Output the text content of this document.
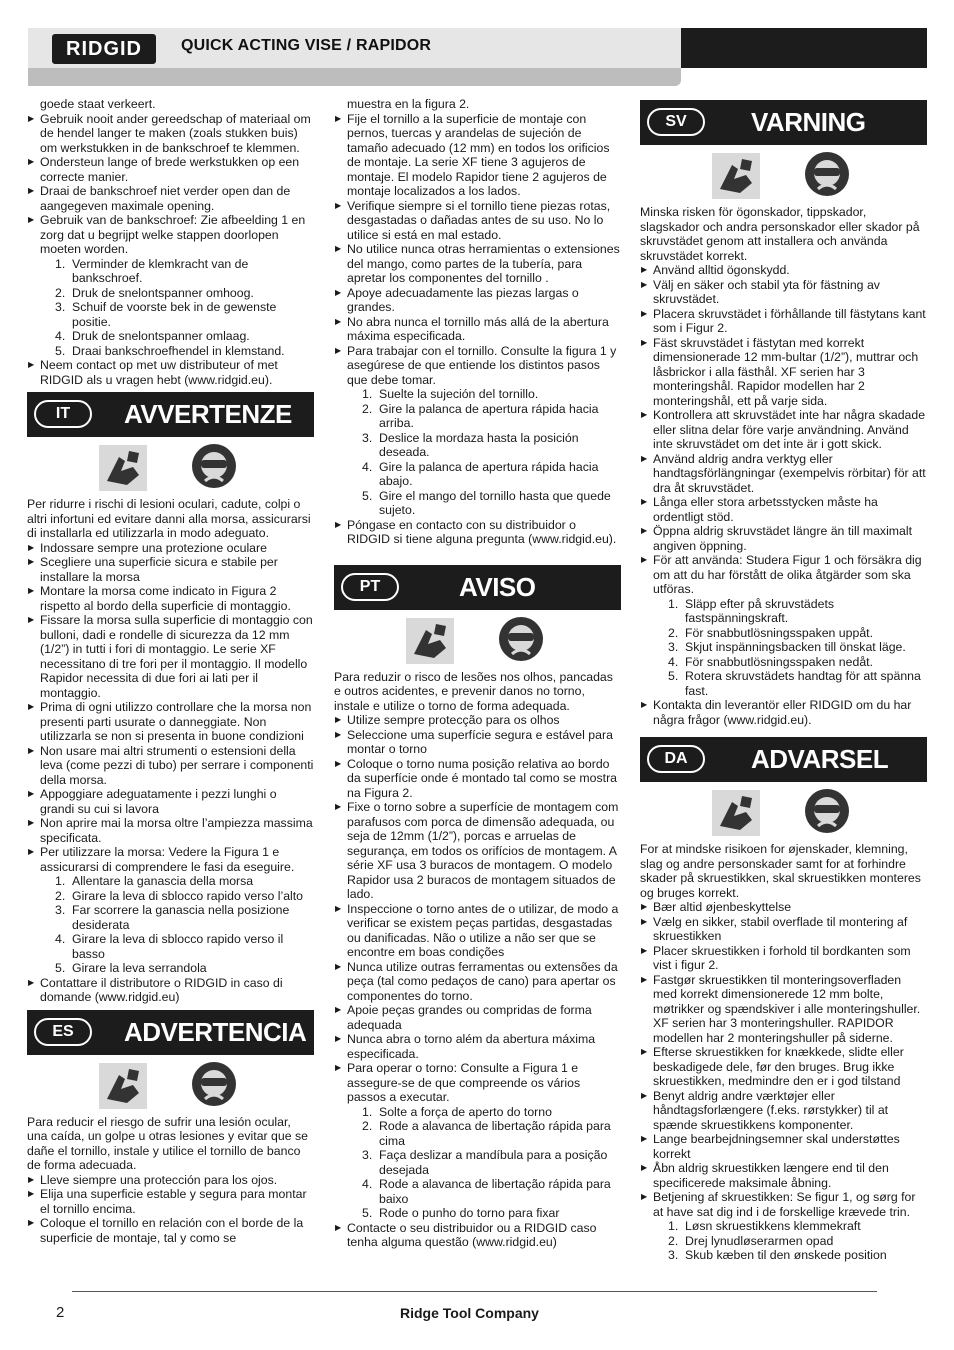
RIDGID	QUICK ACTING VISE / RAPIDOR

goede staat verkeert.

▶ Gebruik nooit ander gereedschap of materiaal om de hendel langer te maken (zoals stukken buis) om werkstukken in de bankschroef te klemmen.
▶ Ondersteun lange of brede werkstukken op een correcte manier.
▶ Draai de bankschroef niet verder open dan de aangegeven maximale opening.
▶ Gebruik van de bankschroef: Zie afbeelding 1 en zorg dat u begrijpt welke stappen doorlopen moeten worden.
1. Verminder de klemkracht van de bankschroef.
2. Druk de snelontspanner omhoog.
3. Schuif de voorste bek in de gewenste positie.
4. Druk de snelontspanner omlaag.
5. Draai bankschroefhendel in klemstand.
▶ Neem contact op met uw distributeur of met RIDGID als u vragen hebt (www.ridgid.eu).
IT	AVVERTENZE

Per ridurre i rischi di lesioni oculari, cadute, colpi o altri infortuni ed evitare danni alla morsa, assicurarsi di installarla ed utilizzarla in modo adeguato.

▶ Indossare sempre una protezione oculare
▶ Scegliere una superficie sicura e stabile per installare la morsa
▶ Montare la morsa come indicato in Figura 2 rispetto al bordo della superficie di montaggio.
▶ Fissare la morsa sulla superficie di montaggio con bulloni, dadi e rondelle di sicurezza da 12 mm (1/2”) in tutti i fori di montaggio. Le serie XF necessitano di tre fori per il montaggio. Il modello Rapidor necessita di due fori ai lati per il montaggio.
▶ Prima di ogni utilizzo controllare che la morsa non presenti parti usurate o danneggiate. Non utilizzarla se non si presenta in buone condizioni
▶ Non usare mai altri strumenti o estensioni della leva (come pezzi di tubo) per serrare i componenti della morsa.
▶ Appoggiare adeguatamente i pezzi lunghi o grandi su cui si lavora
▶ Non aprire mai la morsa oltre l’ampiezza massima specificata.
▶ Per utilizzare la morsa: Vedere la Figura 1 e assicurarsi di comprendere le fasi da eseguire.
1. Allentare la ganascia della morsa
2. Girare la leva di sblocco rapido verso l’alto
3. Far scorrere la ganascia nella posizione desiderata
4. Girare la leva di sblocco rapido verso il basso
5. Girare la leva serrandola
▶ Contattare il distributore o RIDGID in caso di domande (www.ridgid.eu)
ES	ADVERTENCIA

Para reducir el riesgo de sufrir una lesión ocular, una caída, un golpe u otras lesiones y evitar que se dañe el tornillo, instale y utilice el tornillo de banco de forma adecuada.

▶ Lleve siempre una protección para los ojos.
▶ Elija una superficie estable y segura para montar el tornillo encima.
▶ Coloque el tornillo en relación con el borde de la superficie de montaje, tal y como se

muestra en la figura 2.

▶ Fije el tornillo a la superficie de montaje con pernos, tuercas y arandelas de sujeción de tamaño adecuado (12 mm) en todos los orificios de montaje. La serie XF tiene 3 agujeros de montaje. El modelo Rapidor tiene 2 agujeros de montaje localizados a los lados.
▶ Verifique siempre si el tornillo tiene piezas rotas, desgastadas o dañadas antes de su uso. No lo utilice si está en mal estado.
▶ No utilice nunca otras herramientas o extensiones del mango, como partes de la tubería, para apretar los componentes del tornillo .
▶ Apoye adecuadamente las piezas largas o grandes.
▶ No abra nunca el tornillo más allá de la abertura máxima especificada.
▶ Para trabajar con el tornillo. Consulte la figura 1 y asegúrese de que entiende los distintos pasos que debe tomar.
1. Suelte la sujeción del tornillo.
2. Gire la palanca de apertura rápida hacia arriba.
3. Deslice la mordaza hasta la posición deseada.
4. Gire la palanca de apertura rápida hacia abajo.
5. Gire el mango del tornillo hasta que quede sujeto.
▶ Póngase en contacto con su distribuidor o RIDGID si tiene alguna pregunta (www.ridgid.eu).
PT	AVISO

Para reduzir o risco de lesões nos olhos, pancadas e outros acidentes, e prevenir danos no torno, instale e utilize o torno de forma adequada.

▶ Utilize sempre protecção para os olhos
▶ Seleccione uma superfície segura e estável para montar o torno
▶ Coloque o torno numa posição relativa ao bordo da superfície onde é montado tal como se mostra na Figura 2.
▶ Fixe o torno sobre a superfície de montagem com parafusos com porca de dimensão adequada, ou seja de 12mm (1/2”), porcas e arruelas de segurança, em todos os orifícios de montagem. A série XF usa 3 buracos de montagem. O modelo Rapidor usa 2 buracos de montagem situados de lado.
▶ Inspeccione o torno antes de o utilizar, de modo a verificar se existem peças partidas, desgastadas ou danificadas. Não o utilize a não ser que se encontre em boas condições
▶ Nunca utilize outras ferramentas ou extensões da peça (tal como pedaços de cano) para apertar os componentes do torno.
▶ Apoie peças grandes ou compridas de forma adequada
▶ Nunca abra o torno além da abertura máxima especificada.
▶ Para operar o torno: Consulte a Figura 1 e assegure-se de que compreende os vários passos a executar.
1. Solte a força de aperto do torno
2. Rode a alavanca de libertação rápida para cima
3. Faça deslizar a mandíbula para a posição desejada
4. Rode a alavanca de libertação rápida para baixo
5. Rode o punho do torno para fixar
▶ Contacte o seu distribuidor ou a RIDGID caso tenha alguma questão (www.ridgid.eu)
SV	VARNING

Minska risken för ögonskador, tippskador, slagskador och andra personskador eller skador på skruvstädet genom att installera och använda skruvstädet korrekt.

▶ Använd alltid ögonskydd.
▶ Välj en säker och stabil yta för fästning av skruvstädet.
▶ Placera skruvstädet i förhållande till fästytans kant som i Figur 2.
▶ Fäst skruvstädet i fästytan med korrekt dimensionerade 12 mm-bultar (1/2”), muttrar och låsbrickor i alla fästhål. XF serien har 3 monteringshål. Rapidor modellen har 2 monteringshål, ett på varje sida.
▶ Kontrollera att skruvstädet inte har några skadade eller slitna delar före varje användning. Använd inte skruvstädet om det inte är i gott skick.
▶ Använd aldrig andra verktyg eller handtagsförlängningar (exempelvis rörbitar) för att dra åt skruvstädet.
▶ Långa eller stora arbetsstycken måste ha ordentligt stöd.
▶ Öppna aldrig skruvstädet längre än till maximalt angiven öppning.
▶ För att använda: Studera Figur 1 och försäkra dig om att du har förstått de olika åtgärder som ska utföras.
1. Släpp efter på skruvstädets fastspänningskraft.
2. För snabbutlösningsspaken uppåt.
3. Skjut inspänningsbacken till önskat läge.
4. För snabbutlösningsspaken nedåt.
5. Rotera skruvstädets handtag för att spänna fast.
▶ Kontakta din leverantör eller RIDGID om du har några frågor (www.ridgid.eu).
DA	ADVARSEL

For at mindske risikoen for øjenskader, klemning, slag og andre personskader samt for at forhindre skader på skruestikken, skal skruestikken monteres og bruges korrekt.

▶ Bær altid øjenbeskyttelse
▶ Vælg en sikker, stabil overflade til montering af skruestikken
▶ Placer skruestikken i forhold til bordkanten som vist i figur 2.
▶ Fastgør skruestikken til monteringsoverfladen med korrekt dimensionerede 12 mm bolte, møtrikker og spændskiver i alle monteringshuller. XF serien har 3 monteringshuller. RAPIDOR modellen har 2 monteringshuller på siderne.
▶ Efterse skruestikken for knækkede, slidte eller beskadigede dele, før den bruges. Brug ikke skruestikken, medmindre den er i god tilstand
▶ Benyt aldrig andre værktøjer eller håndtagsforlængere (f.eks. rørstykker) til at spænde skruestikkens komponenter.
▶ Lange bearbejdningsemner skal understøttes korrekt
▶ Åbn aldrig skruestikken længere end til den specificerede maksimale åbning.
▶ Betjening af skruestikken: Se figur 1, og sørg for at have sat dig ind i de forskellige krævede trin.
1. Løsn skruestikkens klemmekraft
2. Drej lynudløserarmen opad
3. Skub kæben til den ønskede position
2	Ridge Tool Company
